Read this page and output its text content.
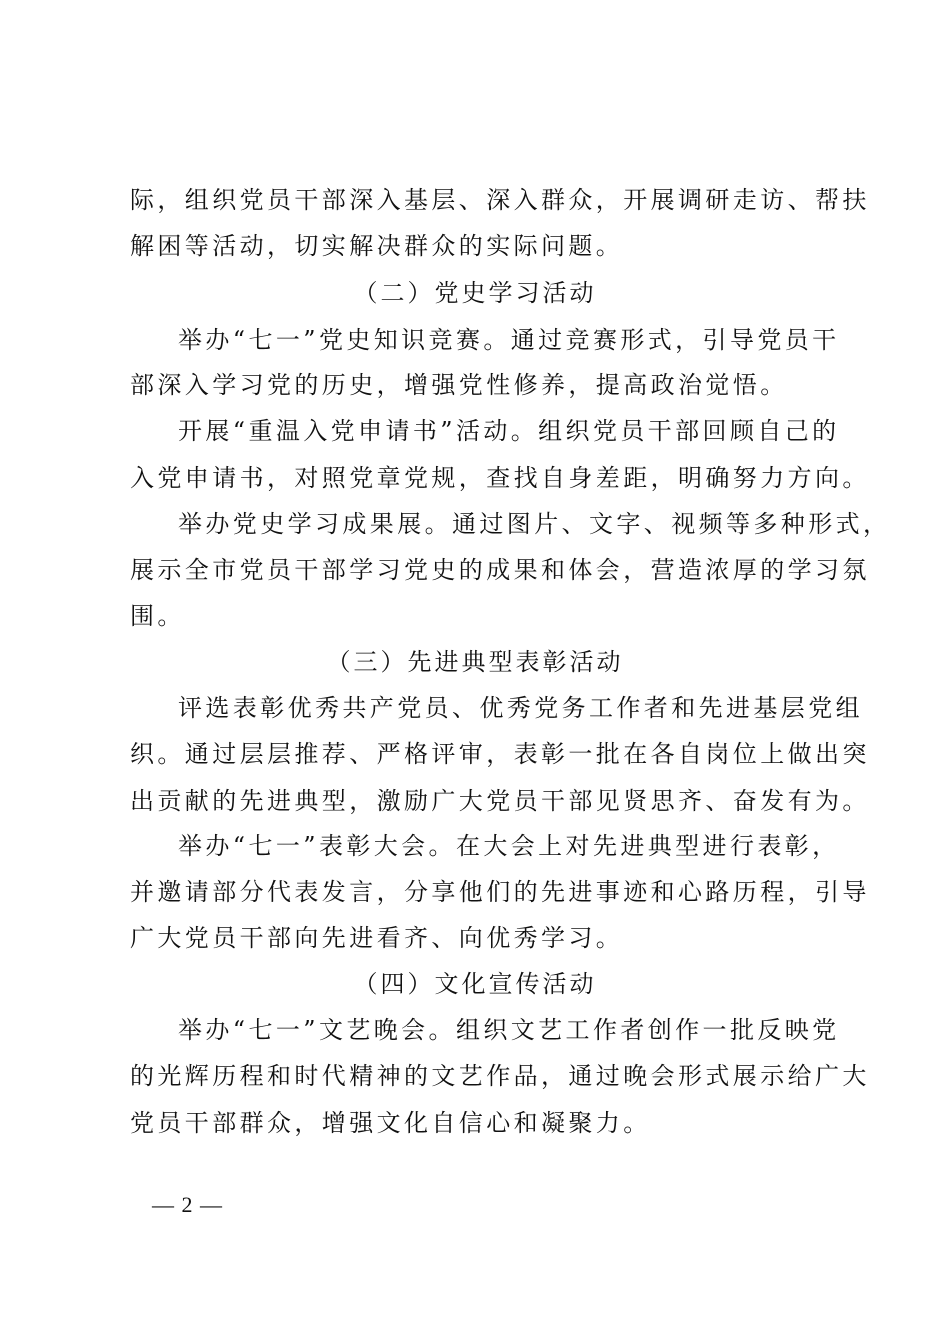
际，组织党员干部深入基层、深入群众，开展调研走访、帮扶

解困等活动，切实解决群众的实际问题。

（二）党史学习活动

举办“七一”党史知识竞赛。通过竞赛形式，引导党员干

部深入学习党的历史，增强党性修养，提高政治觉悟。

开展“重温入党申请书”活动。组织党员干部回顾自己的

入党申请书，对照党章党规，查找自身差距，明确努力方向。

举办党史学习成果展。通过图片、文字、视频等多种形式，

展示全市党员干部学习党史的成果和体会，营造浓厚的学习氛

围。

（三）先进典型表彰活动

评选表彰优秀共产党员、优秀党务工作者和先进基层党组

织。通过层层推荐、严格评审，表彰一批在各自岗位上做出突

出贡献的先进典型，激励广大党员干部见贤思齐、奋发有为。

举办“七一”表彰大会。在大会上对先进典型进行表彰，

并邀请部分代表发言，分享他们的先进事迹和心路历程，引导

广大党员干部向先进看齐、向优秀学习。

（四）文化宣传活动

举办“七一”文艺晚会。组织文艺工作者创作一批反映党

的光辉历程和时代精神的文艺作品，通过晚会形式展示给广大

党员干部群众，增强文化自信心和凝聚力。

— 2 —
